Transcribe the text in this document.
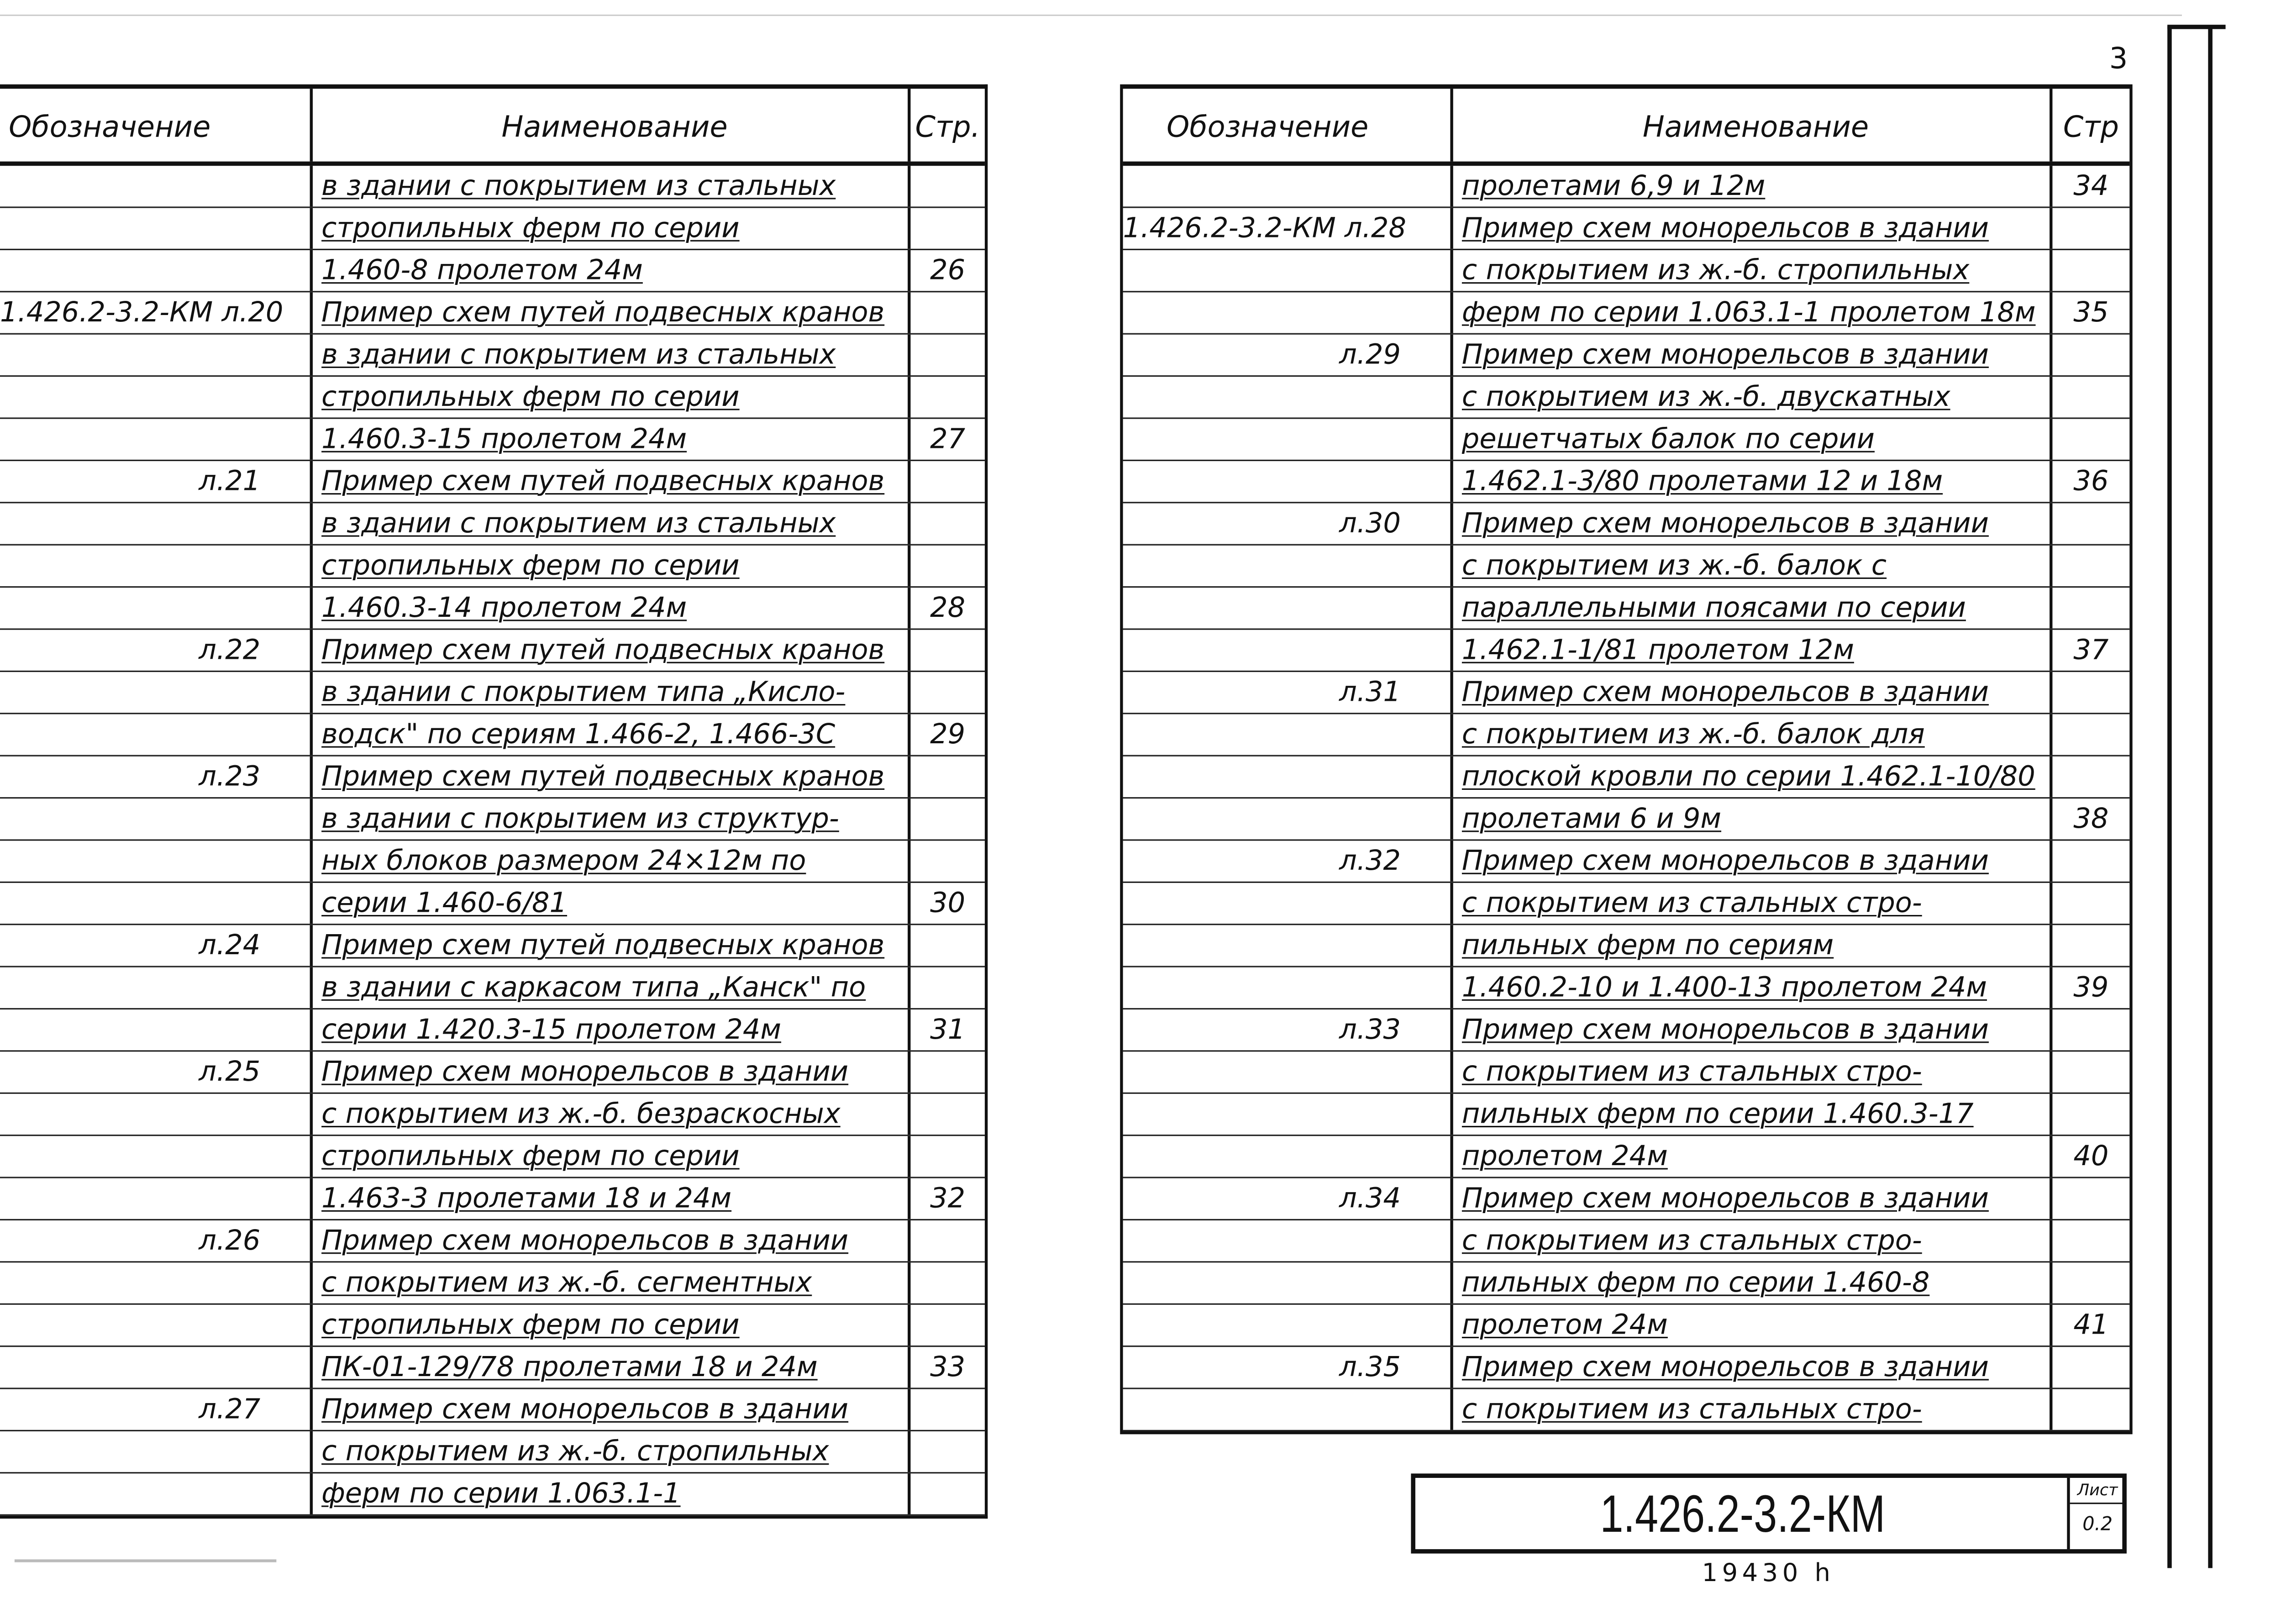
Обозначение	Наименование	Стр.
в здании с покрытием из стальных
стропильных ферм по серии
1.460-8 пролетом 24м	26
1.426.2-3.2-КМ л.20	Пример схем путей подвесных кранов
в здании с покрытием из стальных
стропильных ферм по серии
1.460.3-15 пролетом 24м	27
л.21	Пример схем путей подвесных кранов
в здании с покрытием из стальных
стропильных ферм по серии
1.460.3-14 пролетом 24м	28
л.22	Пример схем путей подвесных кранов
в здании с покрытием типа „Кисло-
водск" по сериям 1.466-2, 1.466-3С	29
л.23	Пример схем путей подвесных кранов
в здании с покрытием из структур-
ных блоков размером 24×12м по
серии 1.460-6/81	30
л.24	Пример схем путей подвесных кранов
в здании с каркасом типа „Канск" по
серии 1.420.3-15 пролетом 24м	31
л.25	Пример схем монорельсов в здании
с покрытием из ж.-б. безраскосных
стропильных ферм по серии
1.463-3 пролетами 18 и 24м	32
л.26	Пример схем монорельсов в здании
с покрытием из ж.-б. сегментных
стропильных ферм по серии
ПК-01-129/78 пролетами 18 и 24м	33
л.27	Пример схем монорельсов в здании
с покрытием из ж.-б. стропильных
ферм по серии 1.063.1-1
Обозначение	Наименование	Стр
пролетами 6,9 и 12м	34
1.426.2-3.2-КМ л.28	Пример схем монорельсов в здании
с покрытием из ж.-б. стропильных
ферм по серии 1.063.1-1 пролетом 18м	35
л.29	Пример схем монорельсов в здании
с покрытием из ж.-б. двускатных
решетчатых балок по серии
1.462.1-3/80 пролетами 12 и 18м	36
л.30	Пример схем монорельсов в здании
с покрытием из ж.-б. балок с
параллельными поясами по серии
1.462.1-1/81 пролетом 12м	37
л.31	Пример схем монорельсов в здании
с покрытием из ж.-б. балок для
плоской кровли по серии 1.462.1-10/80
пролетами 6 и 9м	38
л.32	Пример схем монорельсов в здании
с покрытием из стальных стро-
пильных ферм по сериям
1.460.2-10 и 1.400-13 пролетом 24м	39
л.33	Пример схем монорельсов в здании
с покрытием из стальных стро-
пильных ферм по серии 1.460.3-17
пролетом 24м	40
л.34	Пример схем монорельсов в здании
с покрытием из стальных стро-
пильных ферм по серии 1.460-8
пролетом 24м	41
л.35	Пример схем монорельсов в здании
с покрытием из стальных стро-
1.426.2-3.2-КМ	Лист
0.2
19430 h
3
